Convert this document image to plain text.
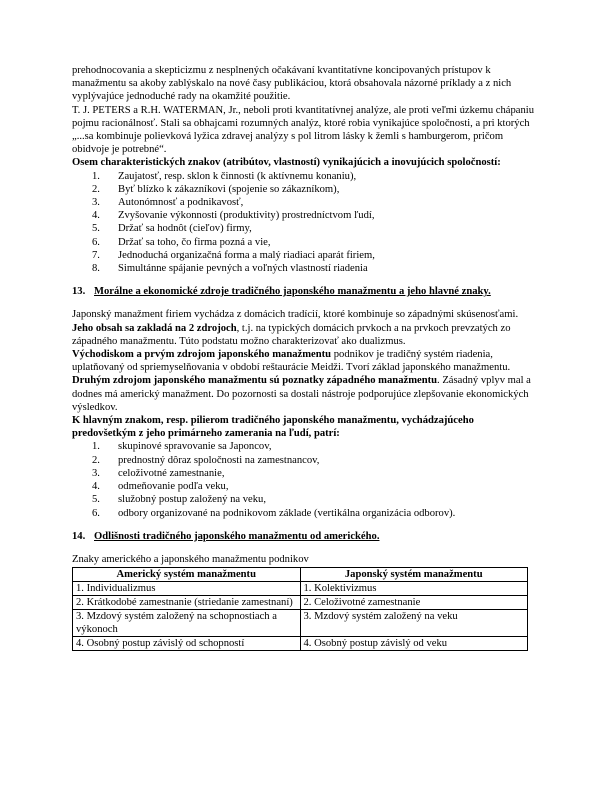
prehodnocovania a skepticizmu z nesplnených očakávaní kvantitatívne koncipovaných prístupov k manažmentu sa akoby zablýskalo na nové časy publikáciou, ktorá obsahovala názorné príklady a z nich vyplývajúce jednoduché rady na okamžité použitie.

T. J. PETERS a R.H. WATERMAN, Jr., neboli proti kvantitatívnej analýze, ale proti veľmi úzkemu chápaniu pojmu racionálnosť. Stali sa obhajcami rozumných analýz, ktoré robia vynikajúce spoločnosti, a pri ktorých „...sa kombinuje polievková lyžica zdravej analýzy s pol litrom lásky k žemli s hamburgerom, pričom obidvoje je potrebné“.

Osem charakteristických znakov (atribútov, vlastností) vynikajúcich a inovujúcich spoločností:

1. Zaujatosť, resp. sklon k činnosti (k aktívnemu konaniu),
2. Byť blízko k zákazníkovi (spojenie so zákazníkom),
3. Autonómnosť a podnikavosť,
4. Zvyšovanie výkonnosti (produktivity) prostredníctvom ľudí,
5. Držať sa hodnôt (cieľov) firmy,
6. Držať sa toho, čo firma pozná a vie,
7. Jednoduchá organizačná forma a malý riadiaci aparát firiem,
8. Simultánne spájanie pevných a voľných vlastností riadenia
13. Morálne a ekonomické zdroje tradičného japonského manažmentu a jeho hlavné znaky.

Japonský manažment firiem vychádza z domácich tradícií, ktoré kombinuje so západnými skúsenosťami. Jeho obsah sa zakladá na 2 zdrojoch, t.j. na typických domácich prvkoch a na prvkoch prevzatých zo západného manažmentu. Túto podstatu možno charakterizovať ako dualizmus.

Východiskom a prvým zdrojom japonského manažmentu podnikov je tradičný systém riadenia, uplatňovaný od spriemyselňovania v období reštaurácie Meidži. Tvorí základ japonského manažmentu.

Druhým zdrojom japonského manažmentu sú poznatky západného manažmentu. Zásadný vplyv mal a dodnes má americký manažment. Do pozornosti sa dostali nástroje podporujúce zlepšovanie ekonomických výsledkov.

K hlavným znakom, resp. pilierom tradičného japonského manažmentu, vychádzajúceho predovšetkým z jeho primárneho zamerania na ľudí, patrí:

1. skupinové spravovanie sa Japoncov,
2. prednostný dôraz spoločnosti na zamestnancov,
3. celoživotné zamestnanie,
4. odmeňovanie podľa veku,
5. služobný postup založený na veku,
6. odbory organizované na podnikovom základe (vertikálna organizácia odborov).
14. Odlišnosti tradičného japonského manažmentu od amerického.

Znaky amerického a japonského manažmentu podnikov

Americký systém manažmentu	Japonský systém manažmentu
1. Individualizmus	1. Kolektivizmus
2. Krátkodobé zamestnanie (striedanie zamestnaní)	2. Celoživotné zamestnanie
3. Mzdový systém založený na schopnostiach a výkonoch	3. Mzdový systém založený na veku
4. Osobný postup závislý od schopností	4. Osobný postup závislý od veku
